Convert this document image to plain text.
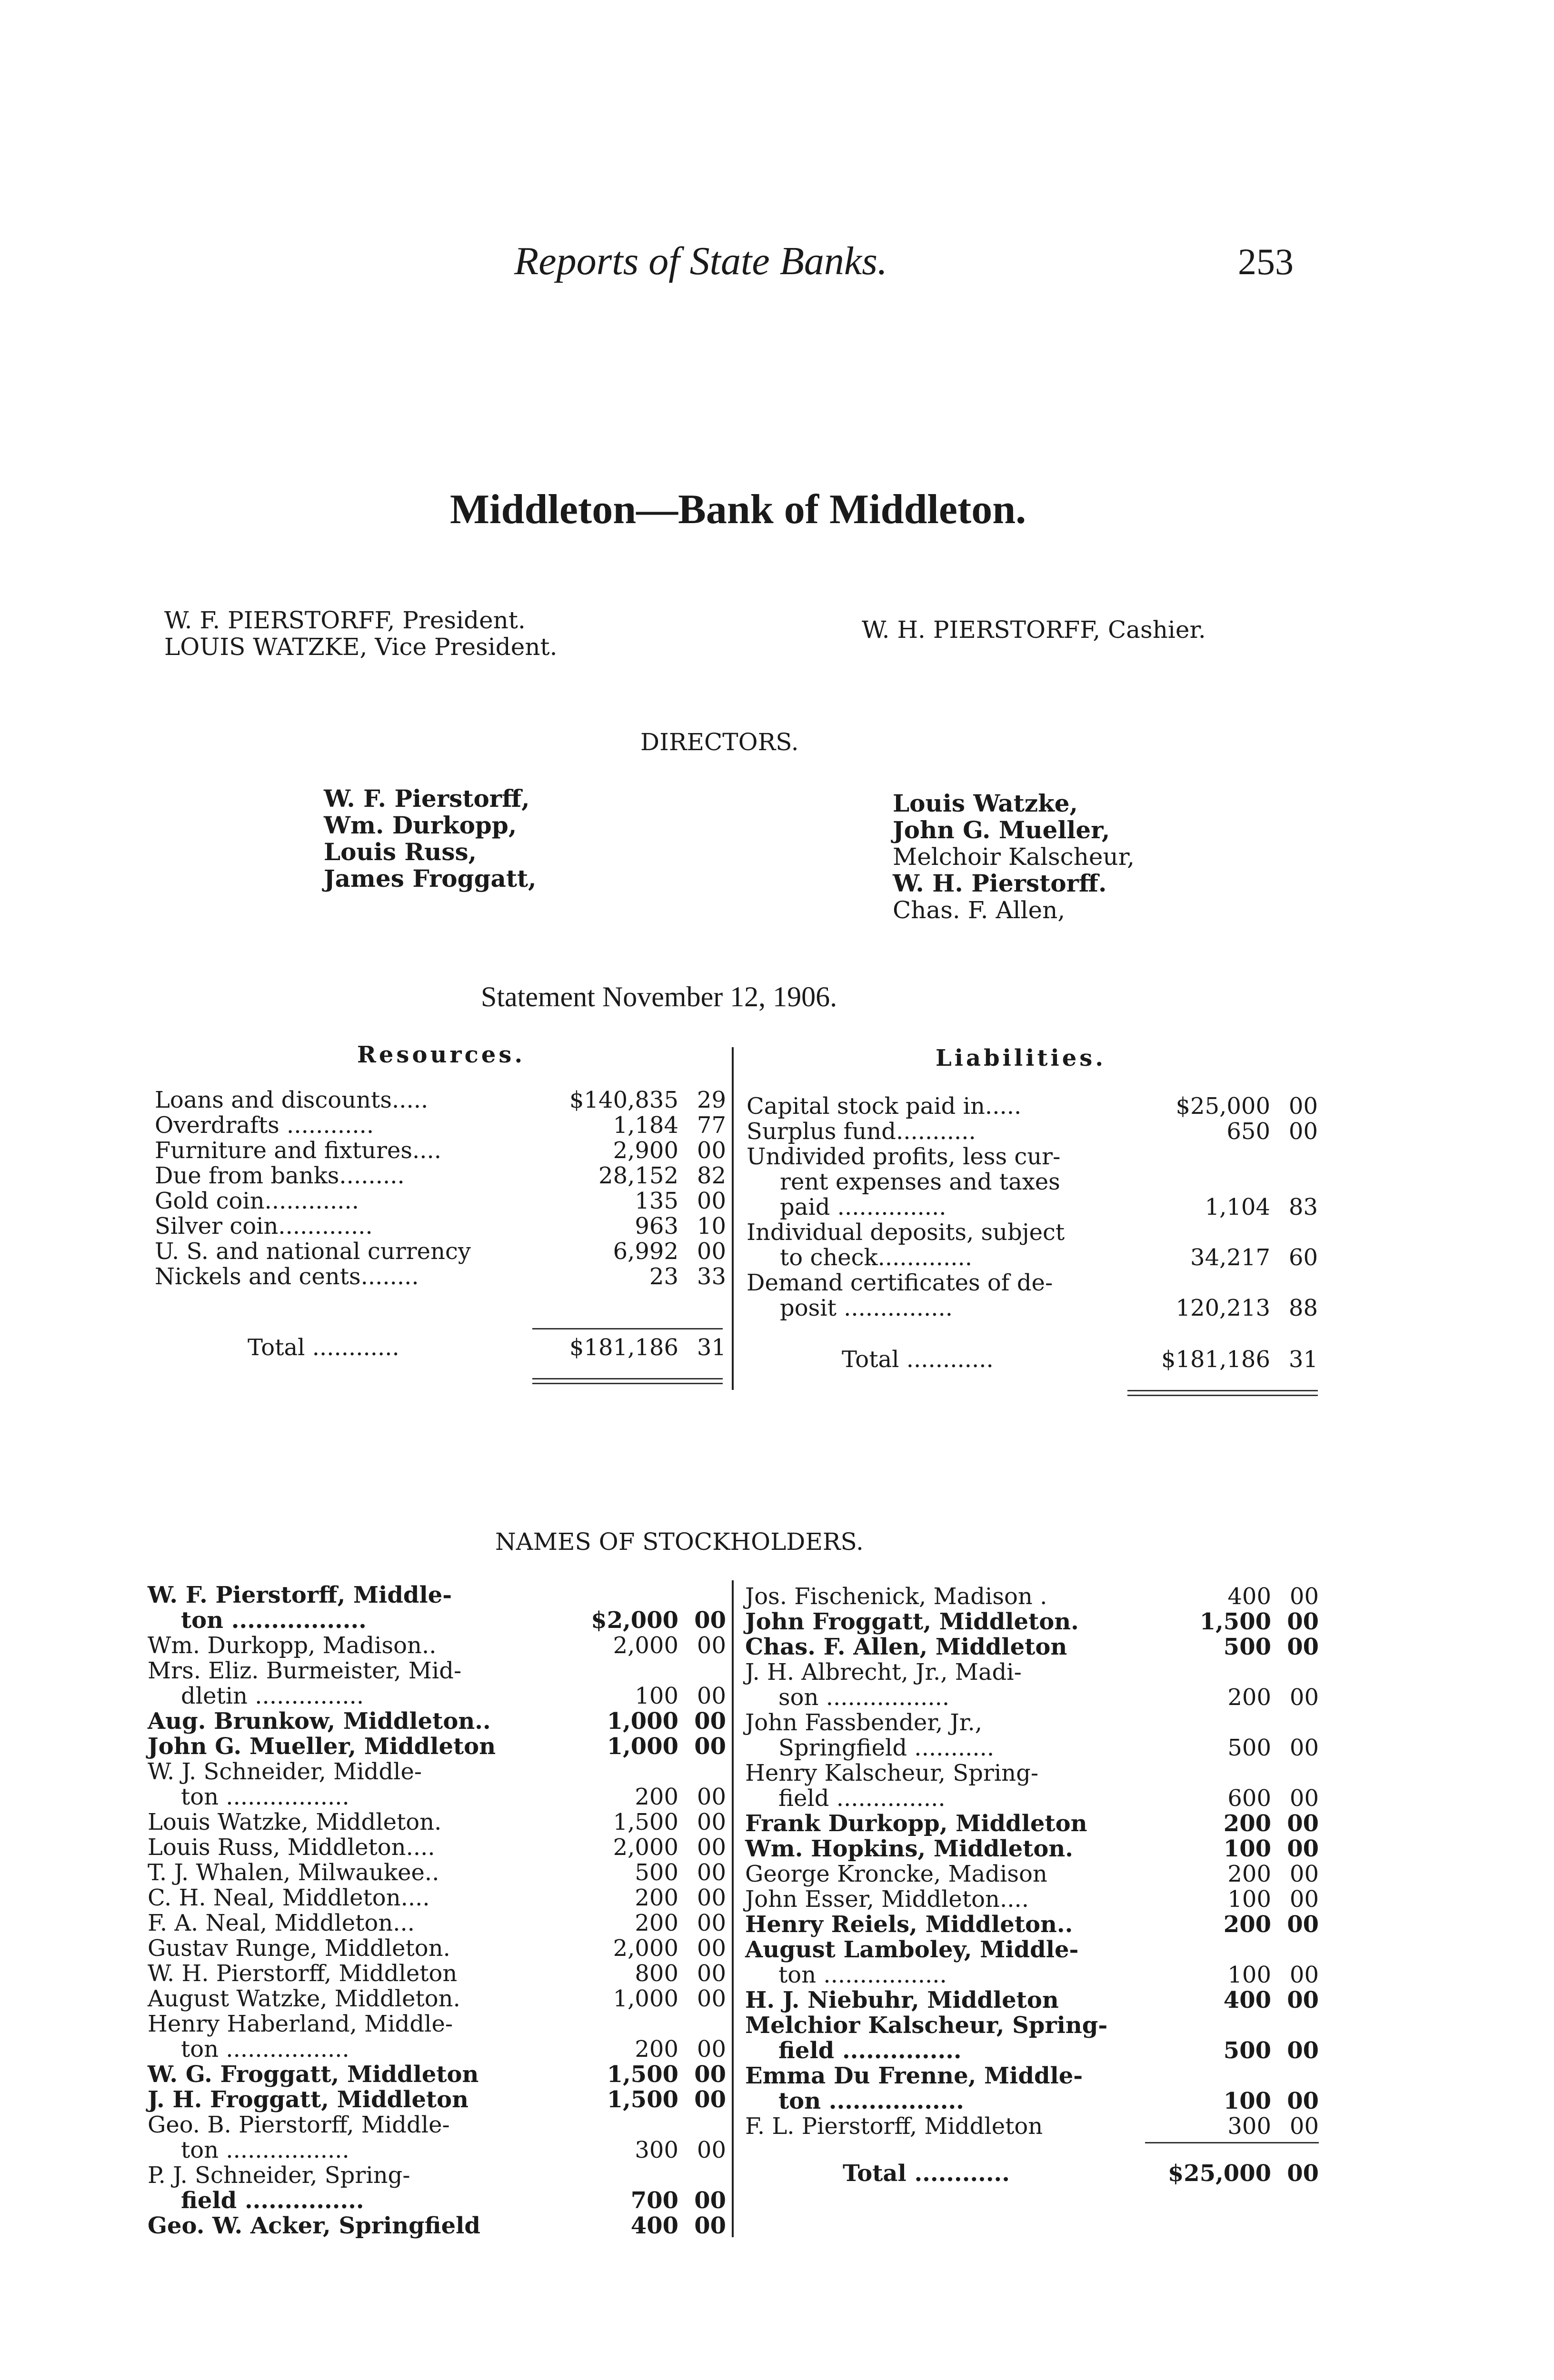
Reports of State Banks.	253
Middleton—Bank of Middleton.
W. F. PIERSTORFF, President.
LOUIS WATZKE, Vice President.
W. H. PIERSTORFF, Cashier.
DIRECTORS.
W. F. Pierstorff,
Wm. Durkopp,
Louis Russ,
James Froggatt,
Louis Watzke,
John G. Mueller,
Melchoir Kalscheur,
W. H. Pierstorff.
Chas. F. Allen,
Statement November 12, 1906.
Resources.	Liabilities.
Loans and discounts.....	$140,835	29
Overdrafts ............	1,184	77
Furniture and fixtures....	2,900	00
Due from banks.........	28,152	82
Gold coin.............	135	00
Silver coin.............	963	10
U. S. and national currency	6,992	00
Nickels and cents........	23	33
Total ............	$181,186	31
Capital stock paid in.....	$25,000	00
Surplus fund...........	650	00
Undivided profits, less cur-		
rent expenses and taxes		
paid ...............	1,104	83
Individual deposits, subject		
to check.............	34,217	60
Demand certificates of de-		
posit ...............	120,213	88
Total ............	$181,186	31
NAMES OF STOCKHOLDERS.
W. F. Pierstorff, Middle-		
ton .................	$2,000	00
Wm. Durkopp, Madison..	2,000	00
Mrs. Eliz. Burmeister, Mid-		
dletin ...............	100	00
Aug. Brunkow, Middleton..	1,000	00
John G. Mueller, Middleton	1,000	00
W. J. Schneider, Middle-		
ton .................	200	00
Louis Watzke, Middleton.	1,500	00
Louis Russ, Middleton....	2,000	00
T. J. Whalen, Milwaukee..	500	00
C. H. Neal, Middleton....	200	00
F. A. Neal, Middleton...	200	00
Gustav Runge, Middleton.	2,000	00
W. H. Pierstorff, Middleton	800	00
August Watzke, Middleton.	1,000	00
Henry Haberland, Middle-		
ton .................	200	00
W. G. Froggatt, Middleton	1,500	00
J. H. Froggatt, Middleton	1,500	00
Geo. B. Pierstorff, Middle-		
ton .................	300	00
P. J. Schneider, Spring-		
field ...............	700	00
Geo. W. Acker, Springfield	400	00
Jos. Fischenick, Madison .	400	00
John Froggatt, Middleton.	1,500	00
Chas. F. Allen, Middleton	500	00
J. H. Albrecht, Jr., Madi-		
son .................	200	00
John Fassbender, Jr.,		
Springfield ...........	500	00
Henry Kalscheur, Spring-		
field ...............	600	00
Frank Durkopp, Middleton	200	00
Wm. Hopkins, Middleton.	100	00
George Kroncke, Madison	200	00
John Esser, Middleton....	100	00
Henry Reiels, Middleton..	200	00
August Lamboley, Middle-		
ton .................	100	00
H. J. Niebuhr, Middleton	400	00
Melchior Kalscheur, Spring-		
field ...............	500	00
Emma Du Frenne, Middle-		
ton .................	100	00
F. L. Pierstorff, Middleton	300	00
Total ............	$25,000	00
